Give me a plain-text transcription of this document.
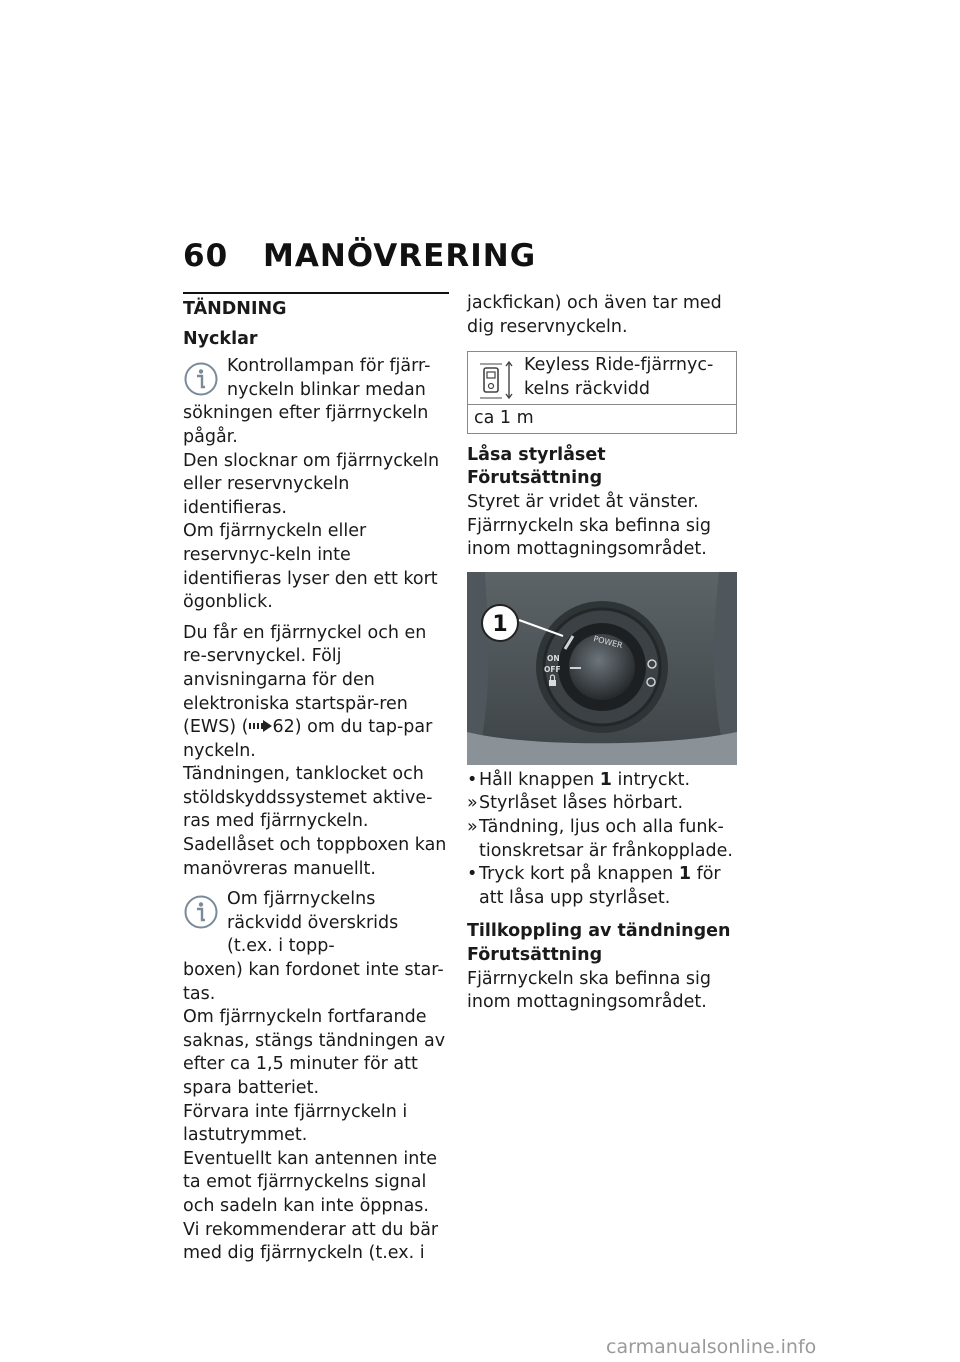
60 MANÖVRERING
TÄNDNING
Nycklar

Kontrollampan för fjärr-nyckeln blinkar medan

sökningen efter fjärrnyckeln pågår.

Den slocknar om fjärrnyckeln eller reservnyckeln identifieras.

Om fjärrnyckeln eller reservnyc-keln inte identifieras lyser den ett kort ögonblick.

Du får en fjärrnyckel och en re-servnyckel. Följ anvisningarna för den elektroniska startspär-ren (EWS) ( 62) om du tap-par nyckeln.

Tändningen, tanklocket och stöldskyddssystemet aktive-ras med fjärrnyckeln. Sadellåset och toppboxen kan manövreras manuellt.

Om fjärrnyckelns räckvidd överskrids (t.ex. i topp-

boxen) kan fordonet inte star-tas.

Om fjärrnyckeln fortfarande saknas, stängs tändningen av efter ca 1,5 minuter för att spara batteriet.

Förvara inte fjärrnyckeln i lastutrymmet.

Eventuellt kan antennen inte ta emot fjärrnyckelns signal och sadeln kan inte öppnas.

Vi rekommenderar att du bär med dig fjärrnyckeln (t.ex. i

jackfickan) och även tar med dig reservnyckeln.

Keyless Ride-fjärrnyc-kelns räckvidd

ca 1 m
Låsa styrlåset
Förutsättning

Styret är vridet åt vänster. Fjärrnyckeln ska befinna sig inom mottagningsområdet.

POWER
ON
OFF
1
• Håll knappen 1 intryckt.
» Styrlåset låses hörbart.
» Tändning, ljus och alla funk-tionskretsar är frånkopplade.
• Tryck kort på knappen 1 för att låsa upp styrlåset.
Tillkoppling av tändningen
Förutsättning

Fjärrnyckeln ska befinna sig inom mottagningsområdet.

carmanualsonline.info
